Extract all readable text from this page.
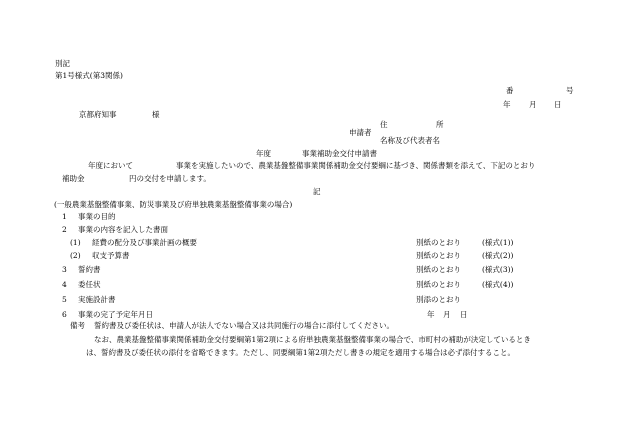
別記
第1号様式(第3関係)
番	号
年 月 日
京都府知事	様
住	所
申請者
名称及び代表者名
年度	事業補助金交付申請書
年度において	事業を実施したいので、農業基盤整備事業関係補助金交付要綱に基づき、関係書類を添えて、下記のとおり
補助金	円の交付を申請します。
記
(一般農業基盤整備事業、防災事業及び府単独農業基盤整備事業の場合)
1 事業の目的
2 事業の内容を記入した書面
(1) 経費の配分及び事業計画の概要	別紙のとおり	(様式(1))
(2) 収支予算書	別紙のとおり	(様式(2))
3 誓約書	別紙のとおり	(様式(3))
4 委任状	別紙のとおり	(様式(4))
5 実施設計書	別添のとおり
6 事業の完了予定年月日	年 月 日
備考 誓約書及び委任状は、申請人が法人でない場合又は共同施行の場合に添付してください。
なお、農業基盤整備事業関係補助金交付要綱第1第2項による府単独農業基盤整備事業の場合で、市町村の補助が決定しているとき
は、誓約書及び委任状の添付を省略できます。ただし、同要綱第1第2項ただし書きの規定を適用する場合は必ず添付すること。
